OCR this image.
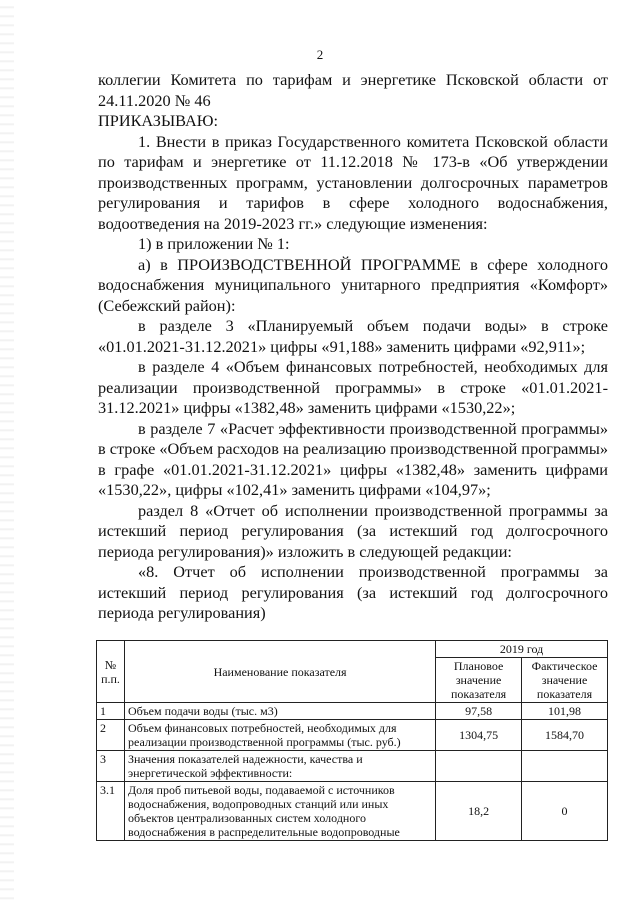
2

коллегии Комитета по тарифам и энергетике Псковской области от 24.11.2020 № 46

ПРИКАЗЫВАЮ:

1. Внести в приказ Государственного комитета Псковской области по тарифам и энергетике от 11.12.2018 № 173-в «Об утверждении производственных программ, установлении долгосрочных параметров регулирования и тарифов в сфере холодного водоснабжения, водоотведения на 2019-2023 гг.» следующие изменения:

1) в приложении № 1:

а) в ПРОИЗВОДСТВЕННОЙ ПРОГРАММЕ в сфере холодного водоснабжения муниципального унитарного предприятия «Комфорт» (Себежский район):

в разделе 3 «Планируемый объем подачи воды» в строке «01.01.2021-31.12.2021» цифры «91,188» заменить цифрами «92,911»;

в разделе 4 «Объем финансовых потребностей, необходимых для реализации производственной программы» в строке «01.01.2021-31.12.2021» цифры «1382,48» заменить цифрами «1530,22»;

в разделе 7 «Расчет эффективности производственной программы» в строке «Объем расходов на реализацию производственной программы» в графе «01.01.2021-31.12.2021» цифры «1382,48» заменить цифрами «1530,22», цифры «102,41» заменить цифрами «104,97»;

раздел 8 «Отчет об исполнении производственной программы за истекший период регулирования (за истекший год долгосрочного периода регулирования)» изложить в следующей редакции:

«8. Отчет об исполнении производственной программы за истекший период регулирования (за истекший год долгосрочного периода регулирования)

№ п.п.	Наименование показателя	2019 год	
		Плановое значение показателя	Фактическое значение показателя
1	Объем подачи воды (тыс. м3)	97,58	101,98
2	Объем финансовых потребностей, необходимых для реализации производственной программы (тыс. руб.)	1304,75	1584,70
3	Значения показателей надежности, качества и энергетической эффективности:		
3.1	Доля проб питьевой воды, подаваемой с источников водоснабжения, водопроводных станций или иных объектов централизованных систем холодного водоснабжения в распределительные водопроводные	18,2	0
